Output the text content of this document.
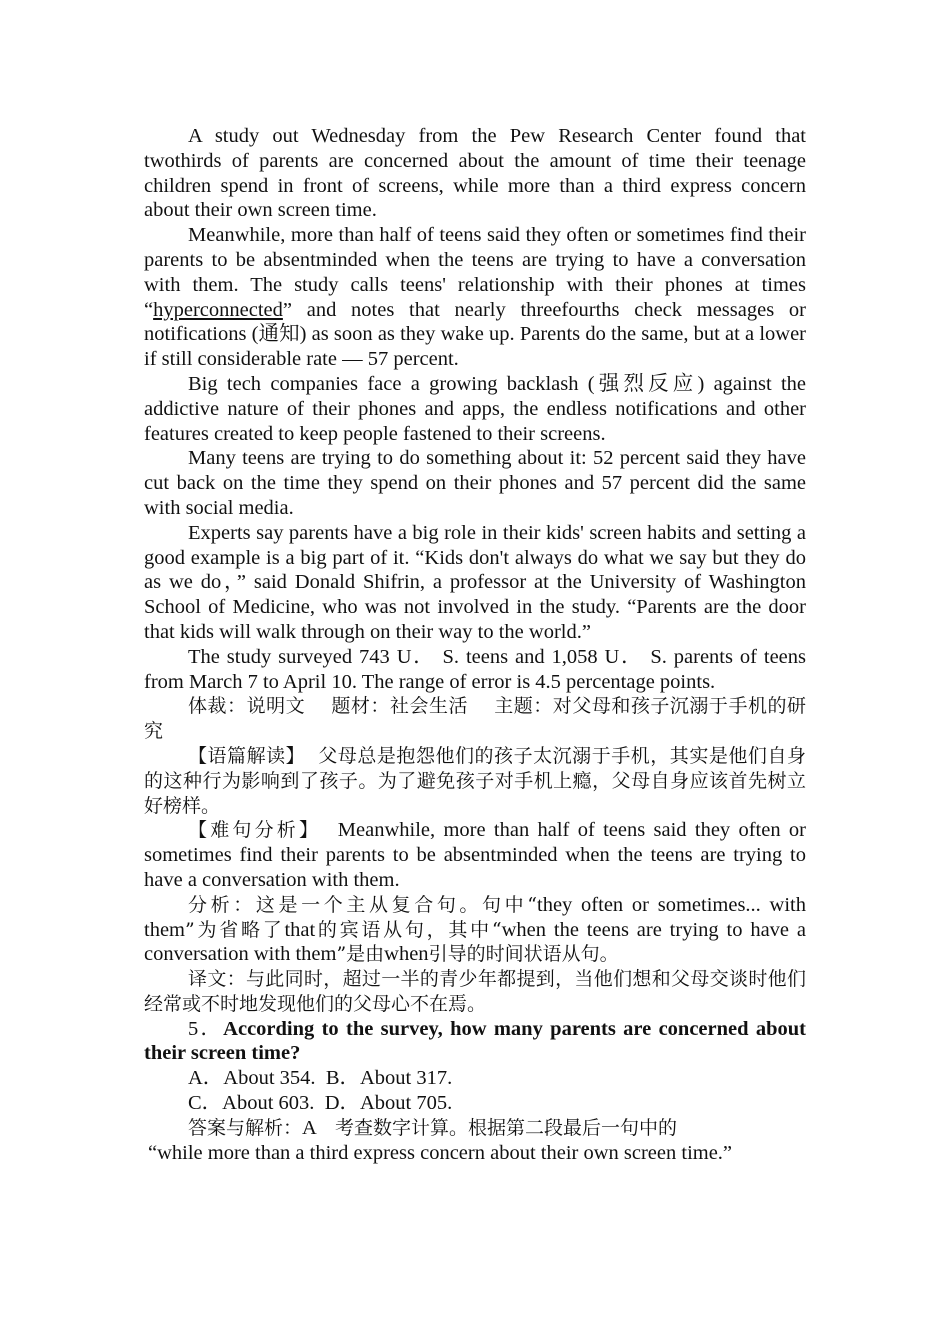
A study out Wednesday from the Pew Research Center found that twothirds of parents are concerned about the amount of time their teenage children spend in front of screens, while more than a third express concern about their own screen time.

Meanwhile, more than half of teens said they often or sometimes find their parents to be absentminded when the teens are trying to have a conversation with them. The study calls teens' relationship with their phones at times “hyperconnected” and notes that nearly threefourths check messages or notifications (通知) as soon as they wake up. Parents do the same, but at a lower if still considerable rate — 57 percent.

Big tech companies face a growing backlash (强烈反应) against the addictive nature of their phones and apps, the endless notifications and other features created to keep people fastened to their screens.

Many teens are trying to do something about it: 52 percent said they have cut back on the time they spend on their phones and 57 percent did the same with social media.

Experts say parents have a big role in their kids' screen habits and setting a good example is a big part of it. “Kids don't always do what we say but they do as we do，” said Donald Shifrin, a professor at the University of Washington School of Medicine, who was not involved in the study. “Parents are the door that kids will walk through on their way to the world.”

The study surveyed 743 U． S. teens and 1,058 U． S. parents of teens from March 7 to April 10. The range of error is 4.5 percentage points.

体裁：说明文 题材：社会生活 主题：对父母和孩子沉溺于手机的研究

【语篇解读】 父母总是抱怨他们的孩子太沉溺于手机，其实是他们自身的这种行为影响到了孩子。为了避免孩子对手机上瘾，父母自身应该首先树立好榜样。

【难句分析】 Meanwhile, more than half of teens said they often or sometimes find their parents to be absentminded when the teens are trying to have a conversation with them.

分析：这是一个主从复合句。句中“they often or sometimes... with them”为省略了that的宾语从句，其中“when the teens are trying to have a conversation with them”是由when引导的时间状语从句。

译文：与此同时，超过一半的青少年都提到，当他们想和父母交谈时他们经常或不时地发现他们的父母心不在焉。

5．According to the survey, how many parents are concerned about their screen time?

A．About 354. B．About 317.

C．About 603. D．About 705.

答案与解析：A 考查数字计算。根据第二段最后一句中的

“while more than a third express concern about their own screen time.”
